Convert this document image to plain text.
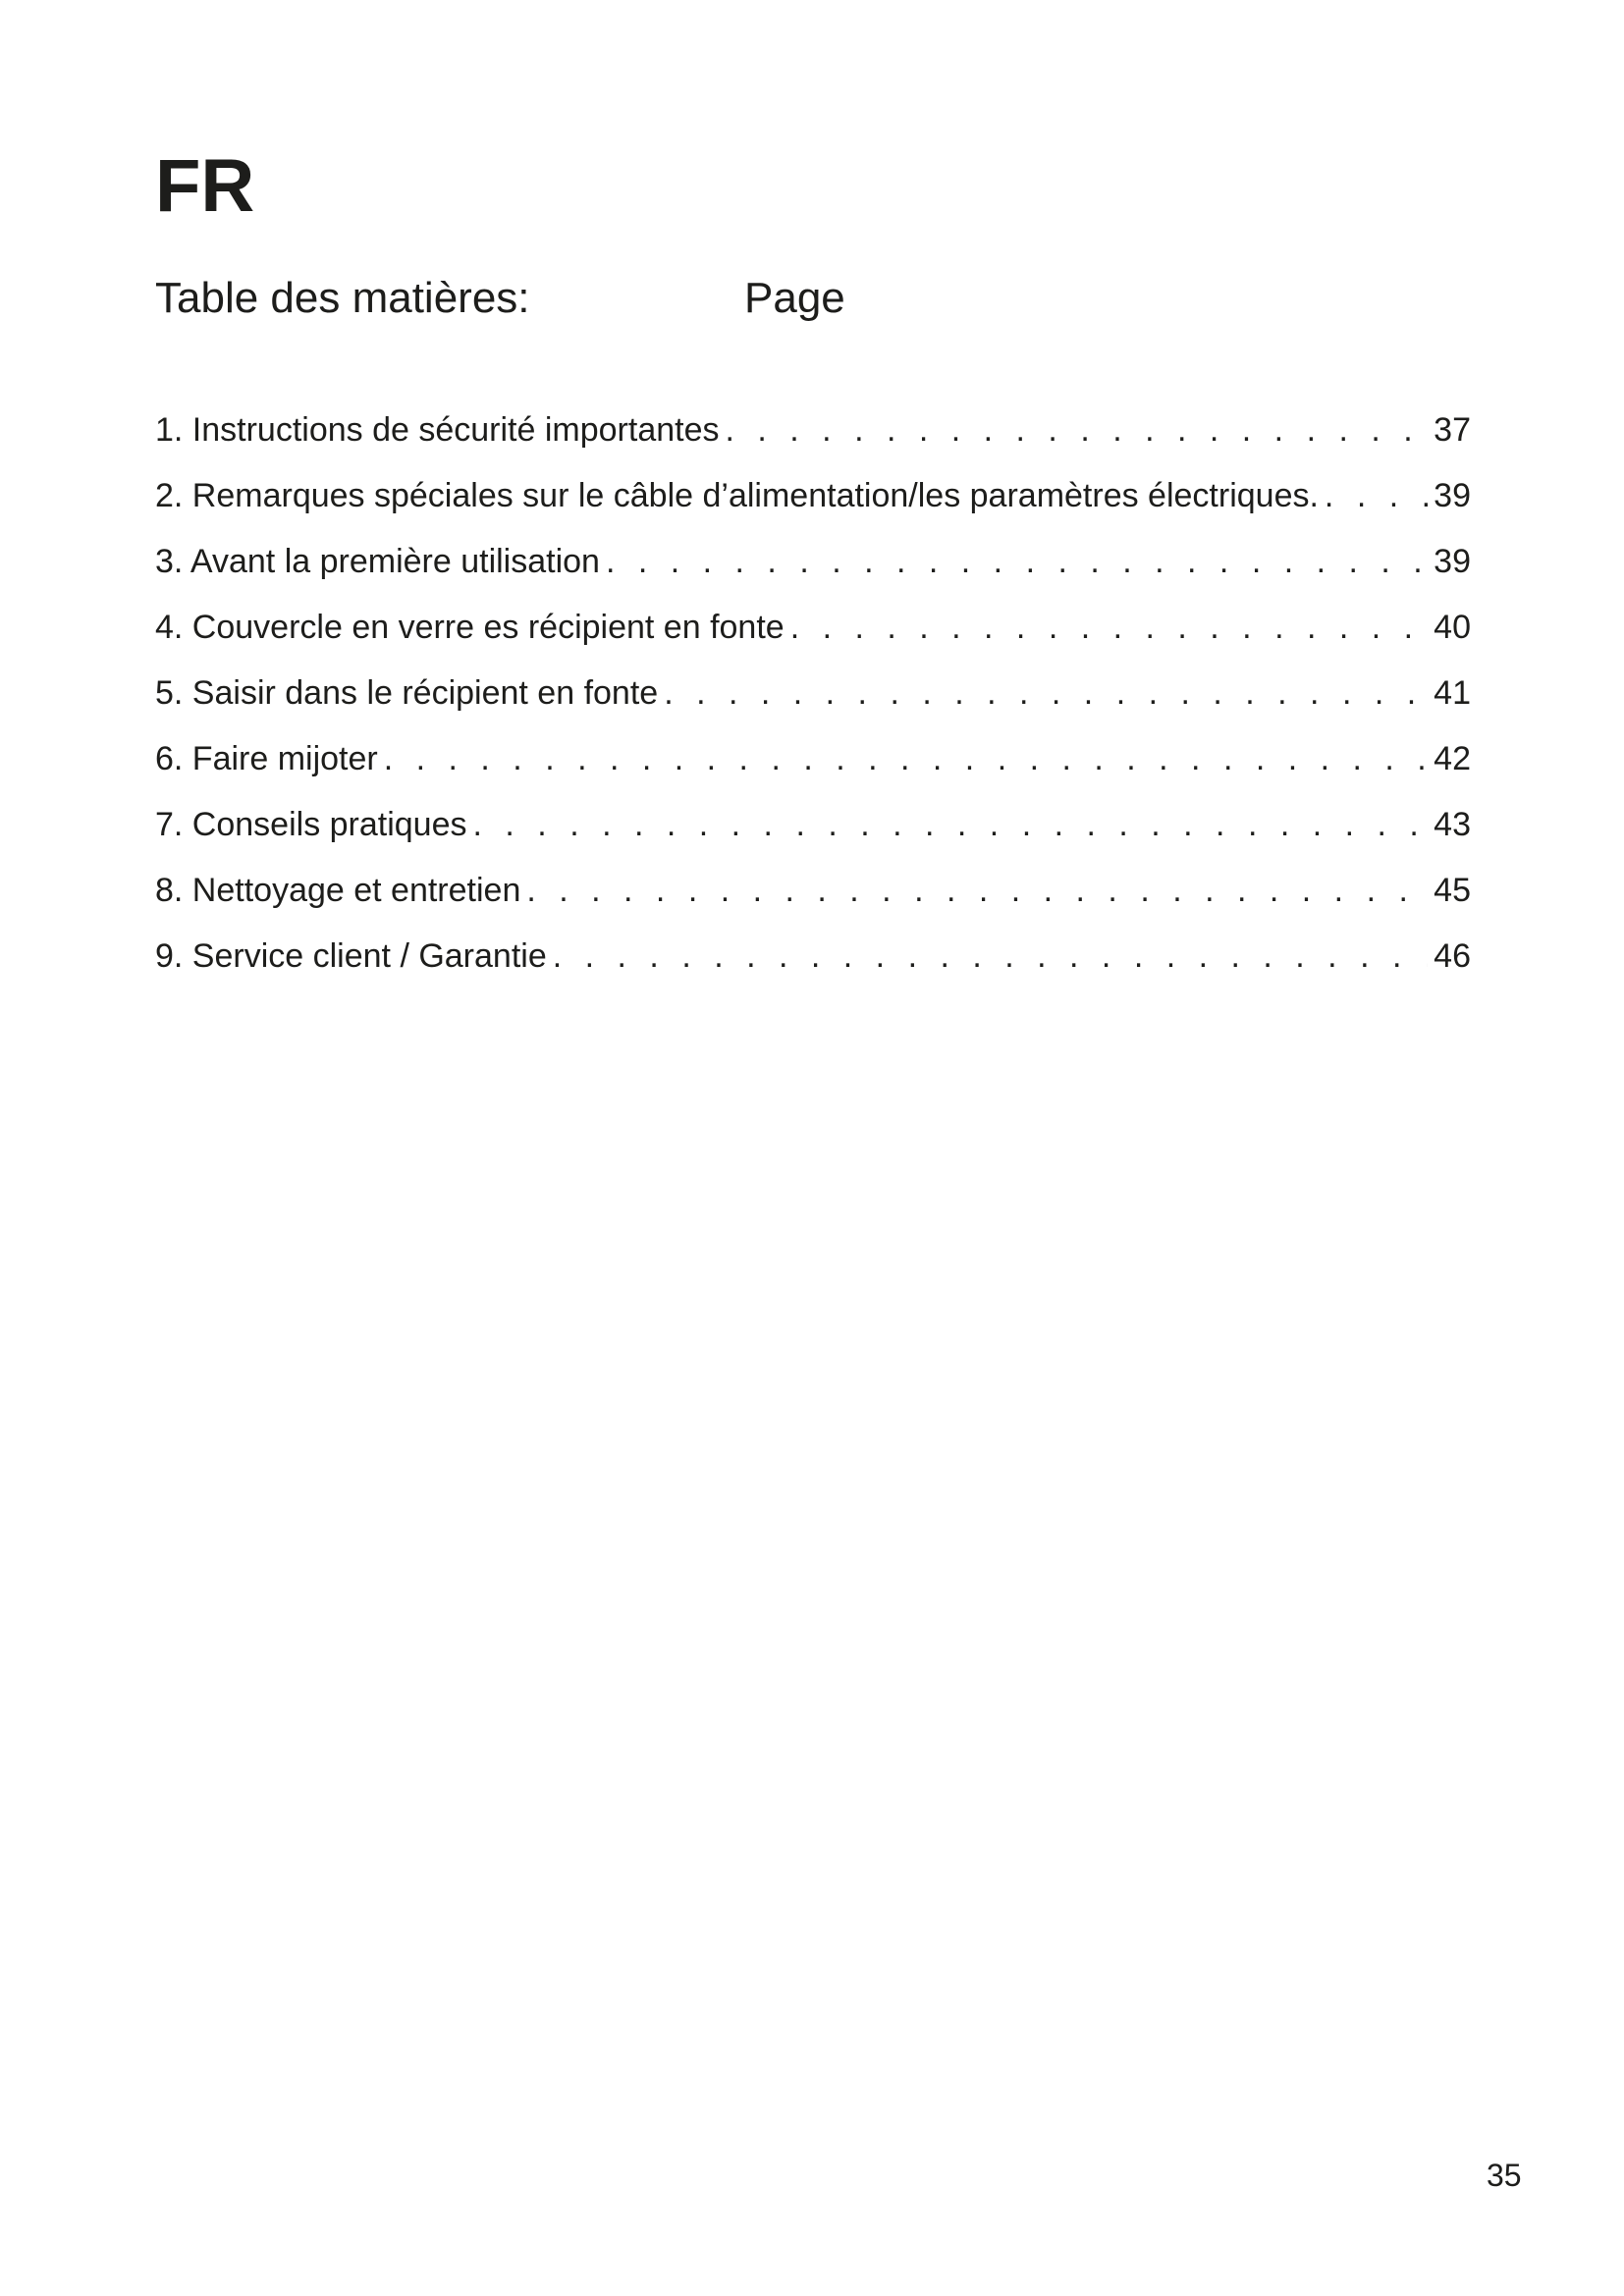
FR
Table des matières:	Page
1. Instructions de sécurité importantes . . .	37
2. Remarques spéciales sur le câble d’alimentation/les paramètres électriques. . . .	39
3. Avant la première utilisation . . .	39
4. Couvercle en verre es récipient en fonte . . .	40
5. Saisir dans le récipient en fonte . . .	41
6. Faire mijoter . . .	42
7. Conseils pratiques . . .	43
8. Nettoyage et entretien . . .	45
9. Service client / Garantie . . .	46
35
